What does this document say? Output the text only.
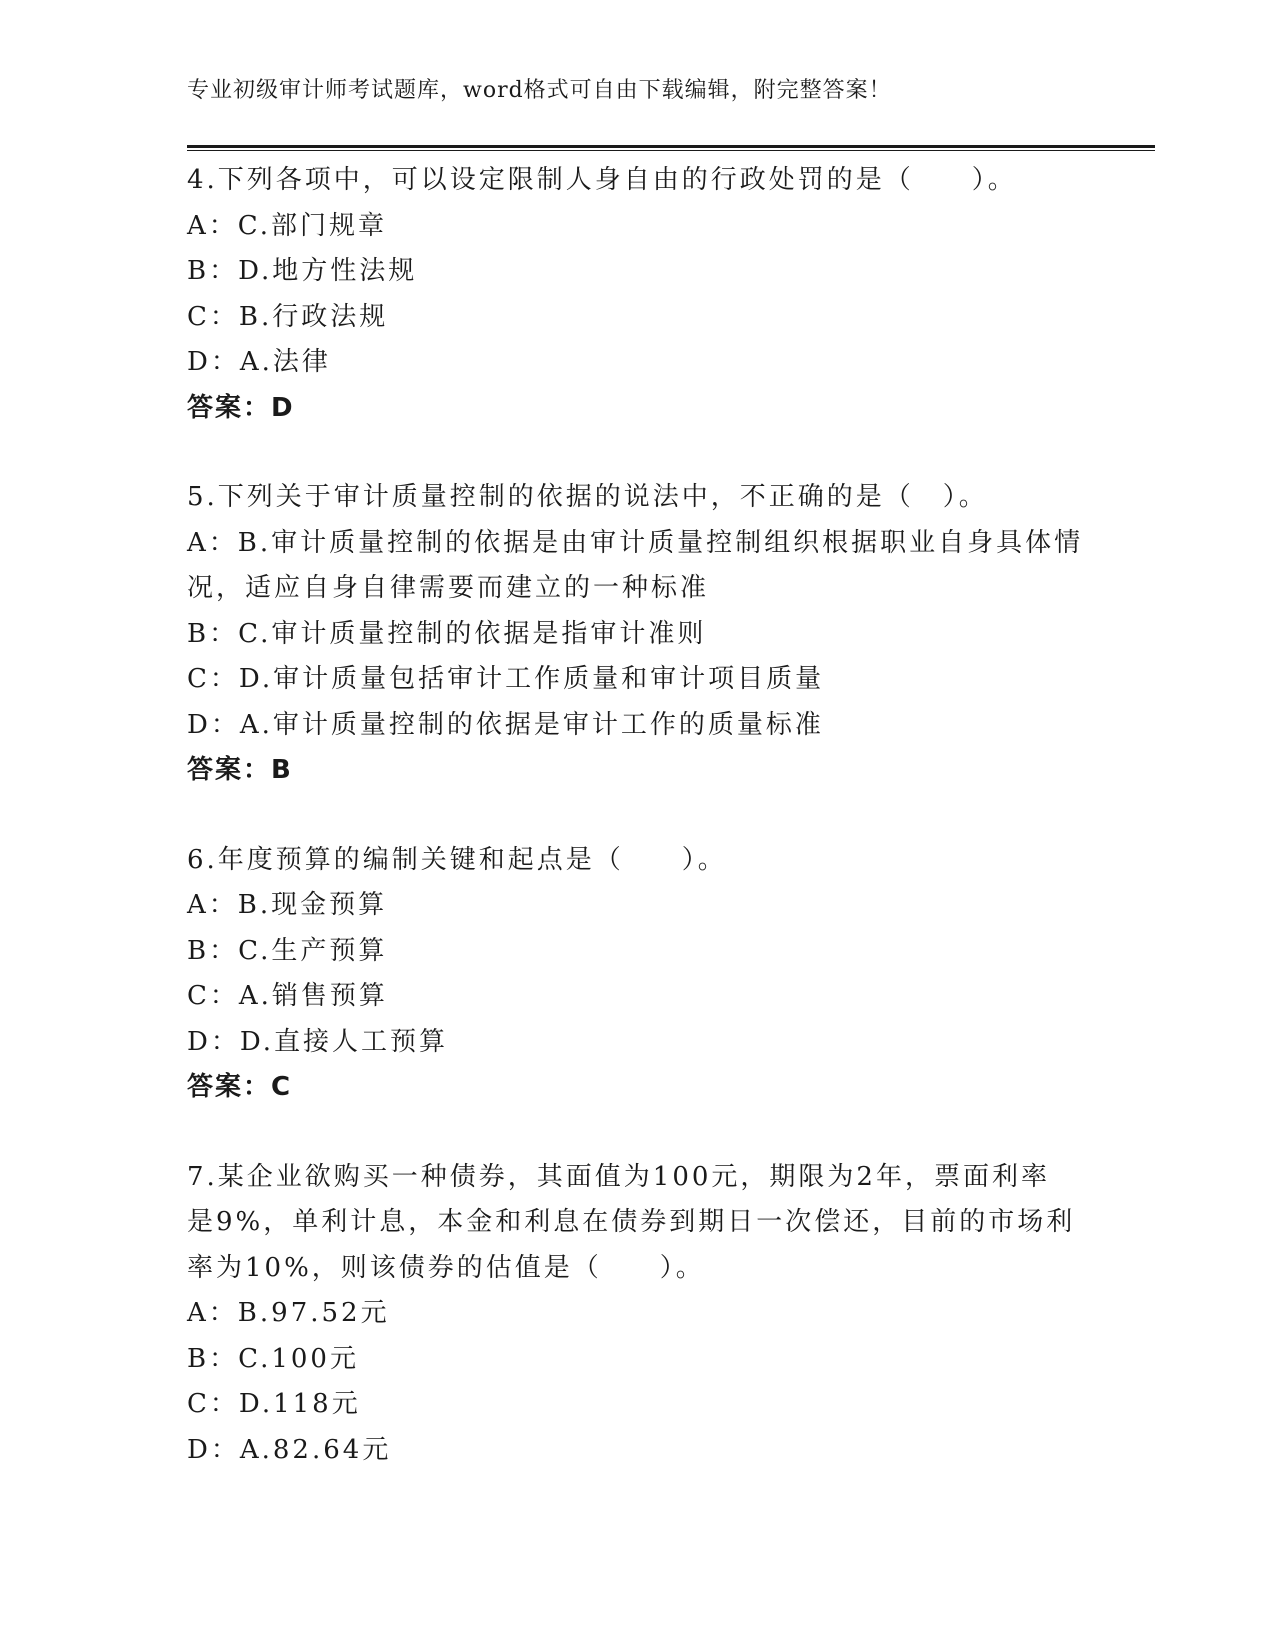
专业初级审计师考试题库，word格式可自由下载编辑，附完整答案！
4.下列各项中，可以设定限制人身自由的行政处罚的是（　　）。
A：C.部门规章
B：D.地方性法规
C：B.行政法规
D：A.法律
答案：D
5.下列关于审计质量控制的依据的说法中，不正确的是（　）。
A：B.审计质量控制的依据是由审计质量控制组织根据职业自身具体情
况，适应自身自律需要而建立的一种标准
B：C.审计质量控制的依据是指审计准则
C：D.审计质量包括审计工作质量和审计项目质量
D：A.审计质量控制的依据是审计工作的质量标准
答案：B
6.年度预算的编制关键和起点是（　　）。
A：B.现金预算
B：C.生产预算
C：A.销售预算
D：D.直接人工预算
答案：C
7.某企业欲购买一种债券，其面值为100元，期限为2年，票面利率
是9%，单利计息，本金和利息在债券到期日一次偿还，目前的市场利
率为10%，则该债券的估值是（　　）。
A：B.97.52元
B：C.100元
C：D.118元
D：A.82.64元
